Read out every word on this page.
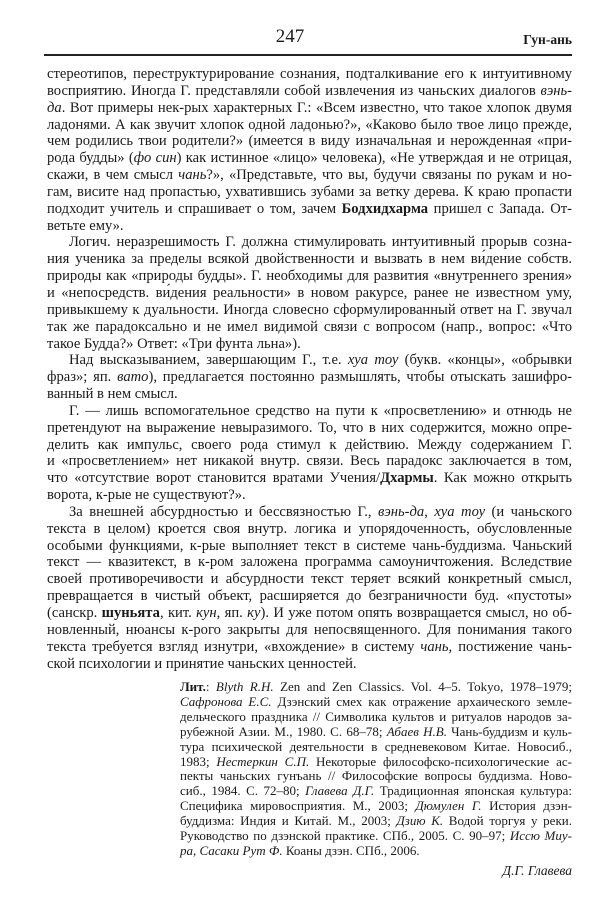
247	Гун-ань
стереотипов, переструктурирование сознания, подталкивание его к интуитивному
восприятию. Иногда Г. представляли собой извлечения из чаньских диалогов вэнь-
да. Вот примеры нек-рых характерных Г.: «Всем известно, что такое хлопок двумя
ладонями. А как звучит хлопок одной ладонью?», «Каково было твое лицо прежде,
чем родились твои родители?» (имеется в виду изначальная и нерожденная «при-
рода будды» (фо син) как истинное «лицо» человека), «Не утверждая и не отрицая,
скажи, в чем смысл чань?», «Представьте, что вы, будучи связаны по рукам и но-
гам, висите над пропастью, ухватившись зубами за ветку дерева. К краю пропасти
подходит учитель и спрашивает о том, зачем Бодхидхарма пришел с Запада. От-
ветьте ему».
Логич. неразрешимость Г. должна стимулировать интуитивный прорыв созна-
ния ученика за пределы всякой двойственности и вызвать в нем ви́дение собств.
природы как «природы будды». Г. необходимы для развития «внутреннего зрения»
и «непосредств. ви́дения реальности» в новом ракурсе, ранее не известном уму,
привыкшему к дуальности. Иногда словесно сформулированный ответ на Г. звучал
так же парадоксально и не имел видимой связи с вопросом (напр., вопрос: «Что
такое Будда?» Ответ: «Три фунта льна»).
Над высказыванием, завершающим Г., т.е. хуа тоу (букв. «концы», «обрывки
фраз»; яп. вато), предлагается постоянно размышлять, чтобы отыскать зашифро-
ванный в нем смысл.
Г. — лишь вспомогательное средство на пути к «просветлению» и отнюдь не
претендуют на выражение невыразимого. То, что в них содержится, можно опре-
делить как импульс, своего рода стимул к действию. Между содержанием Г.
и «просветлением» нет никакой внутр. связи. Весь парадокс заключается в том,
что «отсутствие ворот становится вратами Учения/Дхармы. Как можно открыть
ворота, к-рые не существуют?».
За внешней абсурдностью и бессвязностью Г., вэнь-да, хуа тоу (и чаньского
текста в целом) кроется своя внутр. логика и упорядоченность, обусловленные
особыми функциями, к-рые выполняет текст в системе чань-буддизма. Чаньский
текст — квазитекст, в к-ром заложена программа самоуничтожения. Вследствие
своей противоречивости и абсурдности текст теряет всякий конкретный смысл,
превращается в чистый объект, расширяется до безграничности буд. «пустоты»
(санскр. шуньята, кит. кун, яп. ку). И уже потом опять возвращается смысл, но об-
новленный, нюансы к-рого закрыты для непосвященного. Для понимания такого
текста требуется взгляд изнутри, «вхождение» в систему чань, постижение чань-
ской психологии и принятие чаньских ценностей.
Лит.: Blyth R.H. Zen and Zen Classics. Vol. 4–5. Tokyo, 1978–1979;
Сафронова Е.С. Дзэнский смех как отражение архаического земле-
дельческого праздника // Символика культов и ритуалов народов за-
рубежной Азии. М., 1980. С. 68–78; Абаев Н.В. Чань-буддизм и куль-
тура психической деятельности в средневековом Китае. Новосиб.,
1983; Нестеркин С.П. Некоторые философско-психологические ас-
пекты чаньских гунъань // Философские вопросы буддизма. Ново-
сиб., 1984. С. 72–80; Главева Д.Г. Традиционная японская культура:
Специфика мировосприятия. М., 2003; Дюмулен Г. История дзэн-
буддизма: Индия и Китай. М., 2003; Дзию К. Водой торгуя у реки.
Руководство по дзэнской практике. СПб., 2005. С. 90–97; Иссю Миу-
ра, Сасаки Рут Ф. Коаны дзэн. СПб., 2006.
Д.Г. Главева
